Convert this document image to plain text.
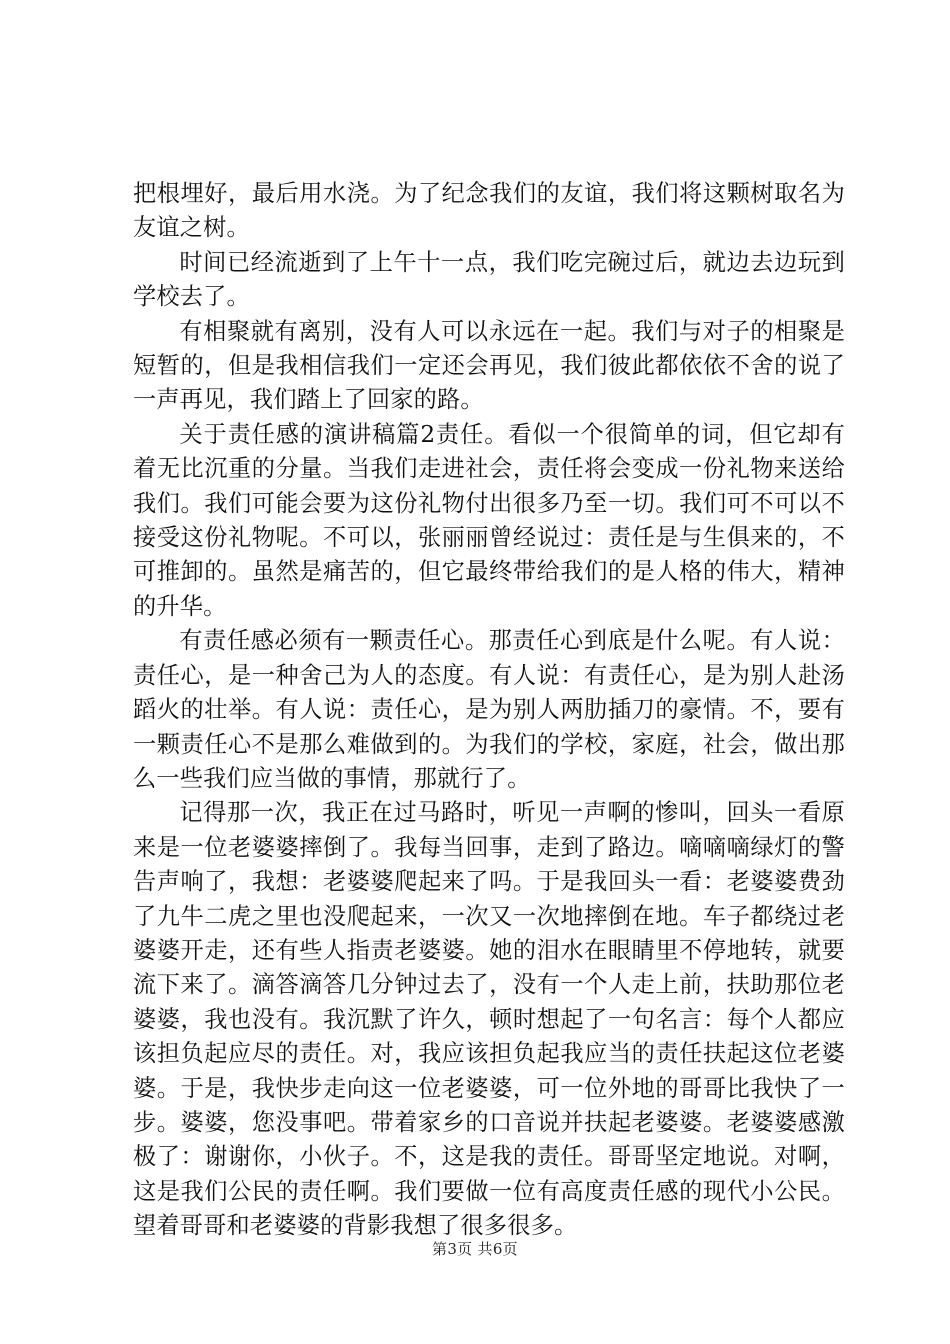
把根埋好，最后用水浇。为了纪念我们的友谊，我们将这颗树取名为友谊之树。

时间已经流逝到了上午十一点，我们吃完碗过后，就边去边玩到学校去了。

有相聚就有离别，没有人可以永远在一起。我们与对子的相聚是短暂的，但是我相信我们一定还会再见，我们彼此都依依不舍的说了一声再见，我们踏上了回家的路。

关于责任感的演讲稿篇2责任。看似一个很简单的词，但它却有着无比沉重的分量。当我们走进社会，责任将会变成一份礼物来送给我们。我们可能会要为这份礼物付出很多乃至一切。我们可不可以不接受这份礼物呢。不可以，张丽丽曾经说过：责任是与生俱来的，不可推卸的。虽然是痛苦的，但它最终带给我们的是人格的伟大，精神的升华。

有责任感必须有一颗责任心。那责任心到底是什么呢。有人说：责任心，是一种舍己为人的态度。有人说：有责任心，是为别人赴汤蹈火的壮举。有人说：责任心，是为别人两肋插刀的豪情。不，要有一颗责任心不是那么难做到的。为我们的学校，家庭，社会，做出那么一些我们应当做的事情，那就行了。

记得那一次，我正在过马路时，听见一声啊的惨叫，回头一看原来是一位老婆婆摔倒了。我每当回事，走到了路边。嘀嘀嘀绿灯的警告声响了，我想：老婆婆爬起来了吗。于是我回头一看：老婆婆费劲了九牛二虎之里也没爬起来，一次又一次地摔倒在地。车子都绕过老婆婆开走，还有些人指责老婆婆。她的泪水在眼睛里不停地转，就要流下来了。滴答滴答几分钟过去了，没有一个人走上前，扶助那位老婆婆，我也没有。我沉默了许久，顿时想起了一句名言：每个人都应该担负起应尽的责任。对，我应该担负起我应当的责任扶起这位老婆婆。于是，我快步走向这一位老婆婆，可一位外地的哥哥比我快了一步。婆婆，您没事吧。带着家乡的口音说并扶起老婆婆。老婆婆感激极了：谢谢你，小伙子。不，这是我的责任。哥哥坚定地说。对啊，这是我们公民的责任啊。我们要做一位有高度责任感的现代小公民。望着哥哥和老婆婆的背影我想了很多很多。

第3页 共6页
